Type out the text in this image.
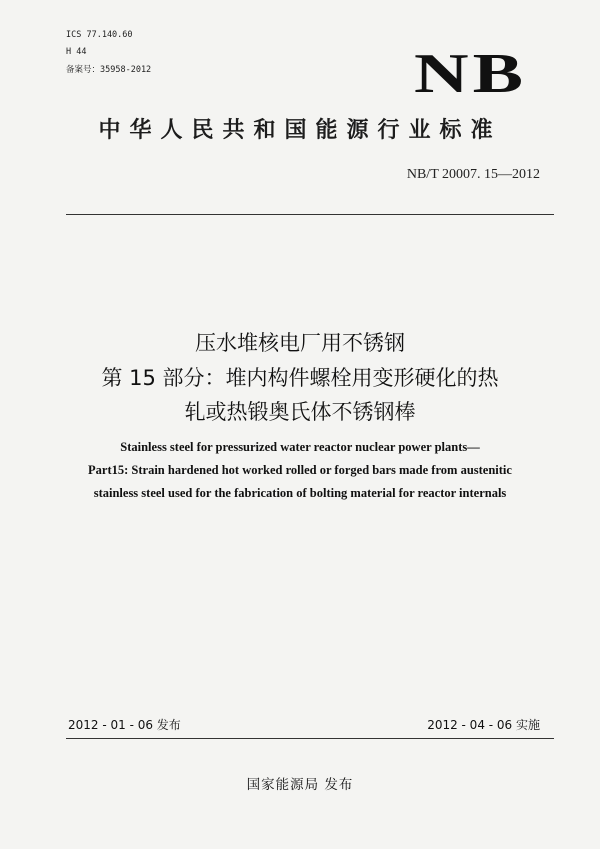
ICS 77.140.60
H 44
备案号：35958-2012	NB
中华人民共和国能源行业标准
NB/T 20007. 15—2012
压水堆核电厂用不锈钢
第 15 部分：堆内构件螺栓用变形硬化的热
轧或热锻奥氏体不锈钢棒
Stainless steel for pressurized water reactor nuclear power plants—
Part15: Strain hardened hot worked rolled or forged bars made from austenitic
stainless steel used for the fabrication of bolting material for reactor internals
2012 - 01 - 06 发布	2012 - 04 - 06 实施
国家能源局 发布
